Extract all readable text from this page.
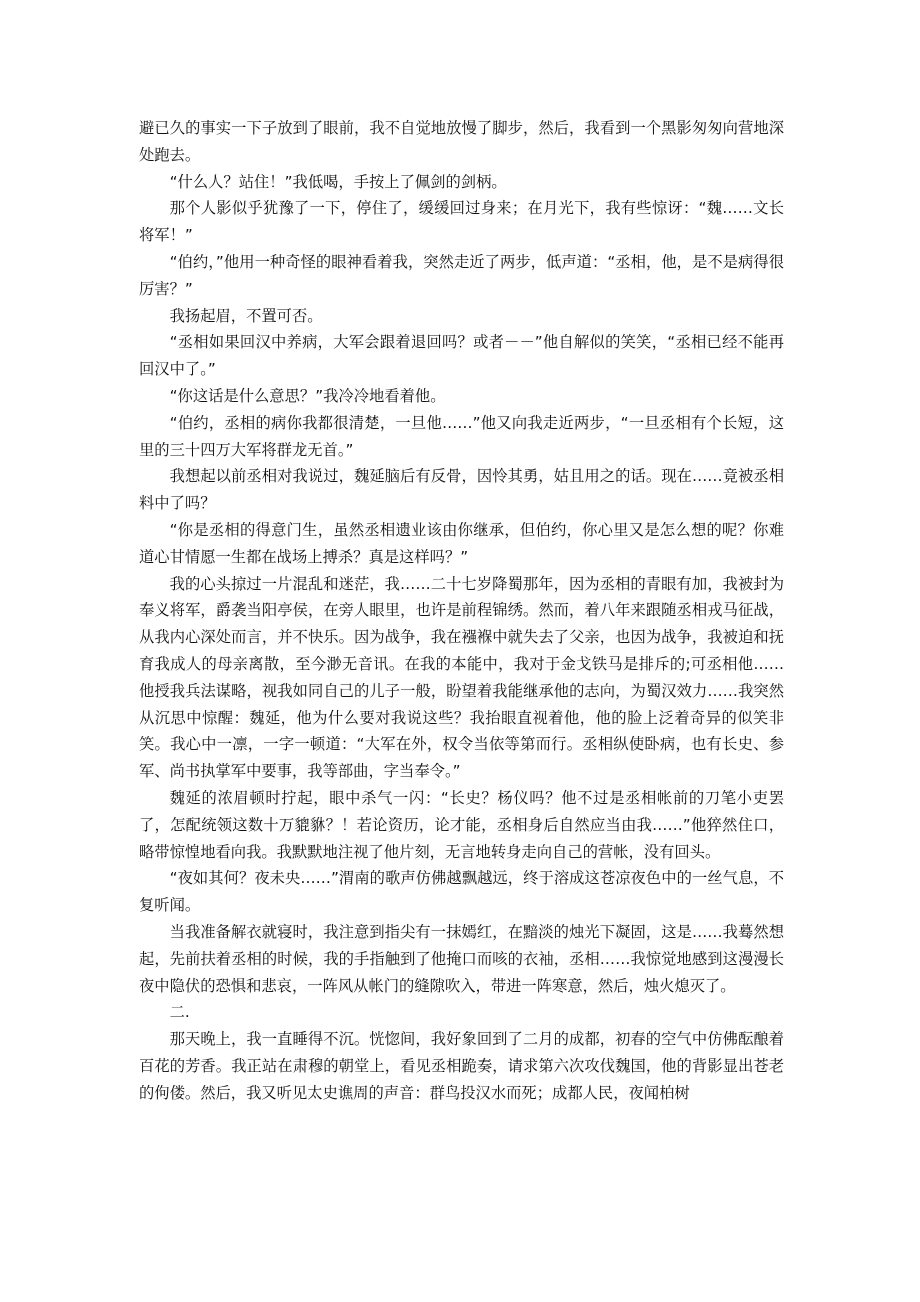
避已久的事实一下子放到了眼前，我不自觉地放慢了脚步，然后，我看到一个黑影匆匆向营地深处跑去。

“什么人？站住！”我低喝，手按上了佩剑的剑柄。

那个人影似乎犹豫了一下，停住了，缓缓回过身来；在月光下，我有些惊讶：“魏……文长将军！”

“伯约，”他用一种奇怪的眼神看着我，突然走近了两步，低声道：“丞相，他，是不是病得很厉害？”

我扬起眉，不置可否。

“丞相如果回汉中养病，大军会跟着退回吗？或者－－”他自解似的笑笑，“丞相已经不能再回汉中了。”

“你这话是什么意思？”我冷冷地看着他。

“伯约，丞相的病你我都很清楚，一旦他……”他又向我走近两步，“一旦丞相有个长短，这里的三十四万大军将群龙无首。”

我想起以前丞相对我说过，魏延脑后有反骨，因怜其勇，姑且用之的话。现在……竟被丞相料中了吗？

“你是丞相的得意门生，虽然丞相遗业该由你继承，但伯约，你心里又是怎么想的呢？你难道心甘情愿一生都在战场上搏杀？真是这样吗？”

我的心头掠过一片混乱和迷茫，我……二十七岁降蜀那年，因为丞相的青眼有加，我被封为奉义将军，爵袭当阳亭侯，在旁人眼里，也许是前程锦绣。然而，着八年来跟随丞相戎马征战，从我内心深处而言，并不快乐。因为战争，我在襁褓中就失去了父亲，也因为战争，我被迫和抚育我成人的母亲离散，至今渺无音讯。在我的本能中，我对于金戈铁马是排斥的;可丞相他……他授我兵法谋略，视我如同自己的儿子一般，盼望着我能继承他的志向，为蜀汉效力……我突然从沉思中惊醒：魏延，他为什么要对我说这些？我抬眼直视着他，他的脸上泛着奇异的似笑非笑。我心中一凛，一字一顿道：“大军在外，权令当依等第而行。丞相纵使卧病，也有长史、参军、尚书执掌军中要事，我等部曲，字当奉令。”

魏延的浓眉顿时拧起，眼中杀气一闪：“长史？杨仪吗？他不过是丞相帐前的刀笔小吏罢了，怎配统领这数十万貔貅？！若论资历，论才能，丞相身后自然应当由我……”他猝然住口，略带惊惶地看向我。我默默地注视了他片刻，无言地转身走向自己的营帐，没有回头。

“夜如其何？夜未央……”渭南的歌声仿佛越飘越远，终于溶成这苍凉夜色中的一丝气息，不复听闻。

当我准备解衣就寝时，我注意到指尖有一抹嫣红，在黯淡的烛光下凝固，这是……我蓦然想起，先前扶着丞相的时候，我的手指触到了他掩口而咳的衣袖，丞相……我惊觉地感到这漫漫长夜中隐伏的恐惧和悲哀，一阵风从帐门的缝隙吹入，带进一阵寒意，然后，烛火熄灭了。

二.

那天晚上，我一直睡得不沉。恍惚间，我好象回到了二月的成都，初春的空气中仿佛酝酿着百花的芳香。我正站在肃穆的朝堂上，看见丞相跪奏，请求第六次攻伐魏国，他的背影显出苍老的佝偻。然后，我又听见太史谯周的声音：群鸟投汉水而死；成都人民，夜闻柏树
